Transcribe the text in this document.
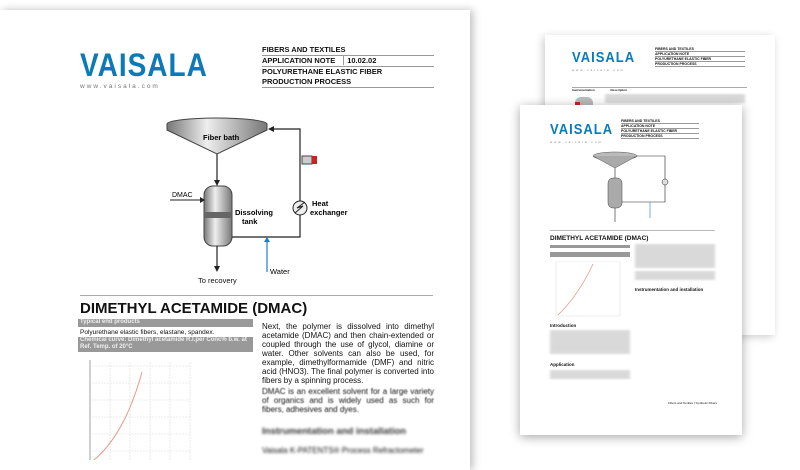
VAISALA
www.vaisala.com
FIBERS AND TEXTILES
APPLICATION NOTE
POLYURETHANE ELASTIC FIBER
PRODUCTION PROCESS
Instrumentation	Description
VAISALA
www.vaisala.com
FIBERS AND TEXTILES
APPLICATION NOTE
POLYURETHANE ELASTIC FIBER
PRODUCTION PROCESS
DIMETHYL ACETAMIDE (DMAC)
Introduction
Application
Instrumentation and installation
Fibers and Textiles | Synthetic Fibers
VAISALA
www.vaisala.com
FIBERS AND TEXTILES
APPLICATION NOTE 10.02.02
POLYURETHANE ELASTIC FIBER
PRODUCTION PROCESS
Fiber bath
DMAC
Dissolving
tank
Heat
exchanger
Water
To recovery
DIMETHYL ACETAMIDE (DMAC)
Typical end products
Polyurethane elastic fibers, elastane, spandex.
Chemical curve: Dimethyl acetamide R.I.per Conc% b.w. at Ref. Temp. of 20°C
Next, the polymer is dissolved into dimethyl acetamide (DMAC) and then chain-extended or coupled through the use of glycol, diamine or water. Other solvents can also be used, for example, dimethylformamide (DMF) and nitric acid (HNO3). The final polymer is converted into fibers by a spinning process.
DMAC is an excellent solvent for a large variety of organics and is widely used as such for fibers, adhesives and dyes.
Instrumentation and installation
Vaisala K-PATENTS® Process Refractometer
